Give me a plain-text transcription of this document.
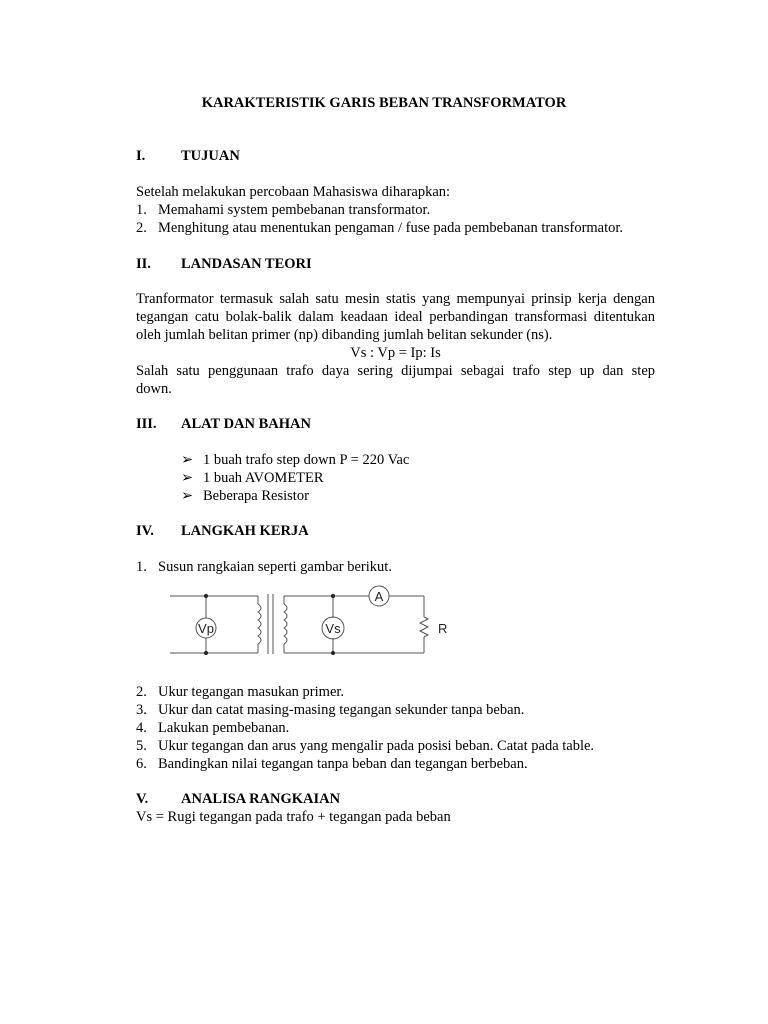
KARAKTERISTIK GARIS BEBAN TRANSFORMATOR
I. TUJUAN
Setelah melakukan percobaan Mahasiswa diharapkan:
1. Memahami system pembebanan transformator.
2. Menghitung atau menentukan pengaman / fuse pada pembebanan transformator.
II. LANDASAN TEORI
Tranformator termasuk salah satu mesin statis yang mempunyai prinsip kerja dengan
tegangan catu bolak-balik dalam keadaan ideal perbandingan transformasi ditentukan
oleh jumlah belitan primer (np) dibanding jumlah belitan sekunder (ns).
Vs : Vp = Ip: Is
Salah satu penggunaan trafo daya sering dijumpai sebagai trafo step up dan step
down.
III. ALAT DAN BAHAN
➢ 1 buah trafo step down P = 220 Vac
➢ 1 buah AVOMETER
➢ Beberapa Resistor
IV. LANGKAH KERJA
1. Susun rangkaian seperti gambar berikut.
Vp	Vs
A
R
2. Ukur tegangan masukan primer.
3. Ukur dan catat masing-masing tegangan sekunder tanpa beban.
4. Lakukan pembebanan.
5. Ukur tegangan dan arus yang mengalir pada posisi beban. Catat pada table.
6. Bandingkan nilai tegangan tanpa beban dan tegangan berbeban.
V. ANALISA RANGKAIAN
Vs = Rugi tegangan pada trafo + tegangan pada beban
